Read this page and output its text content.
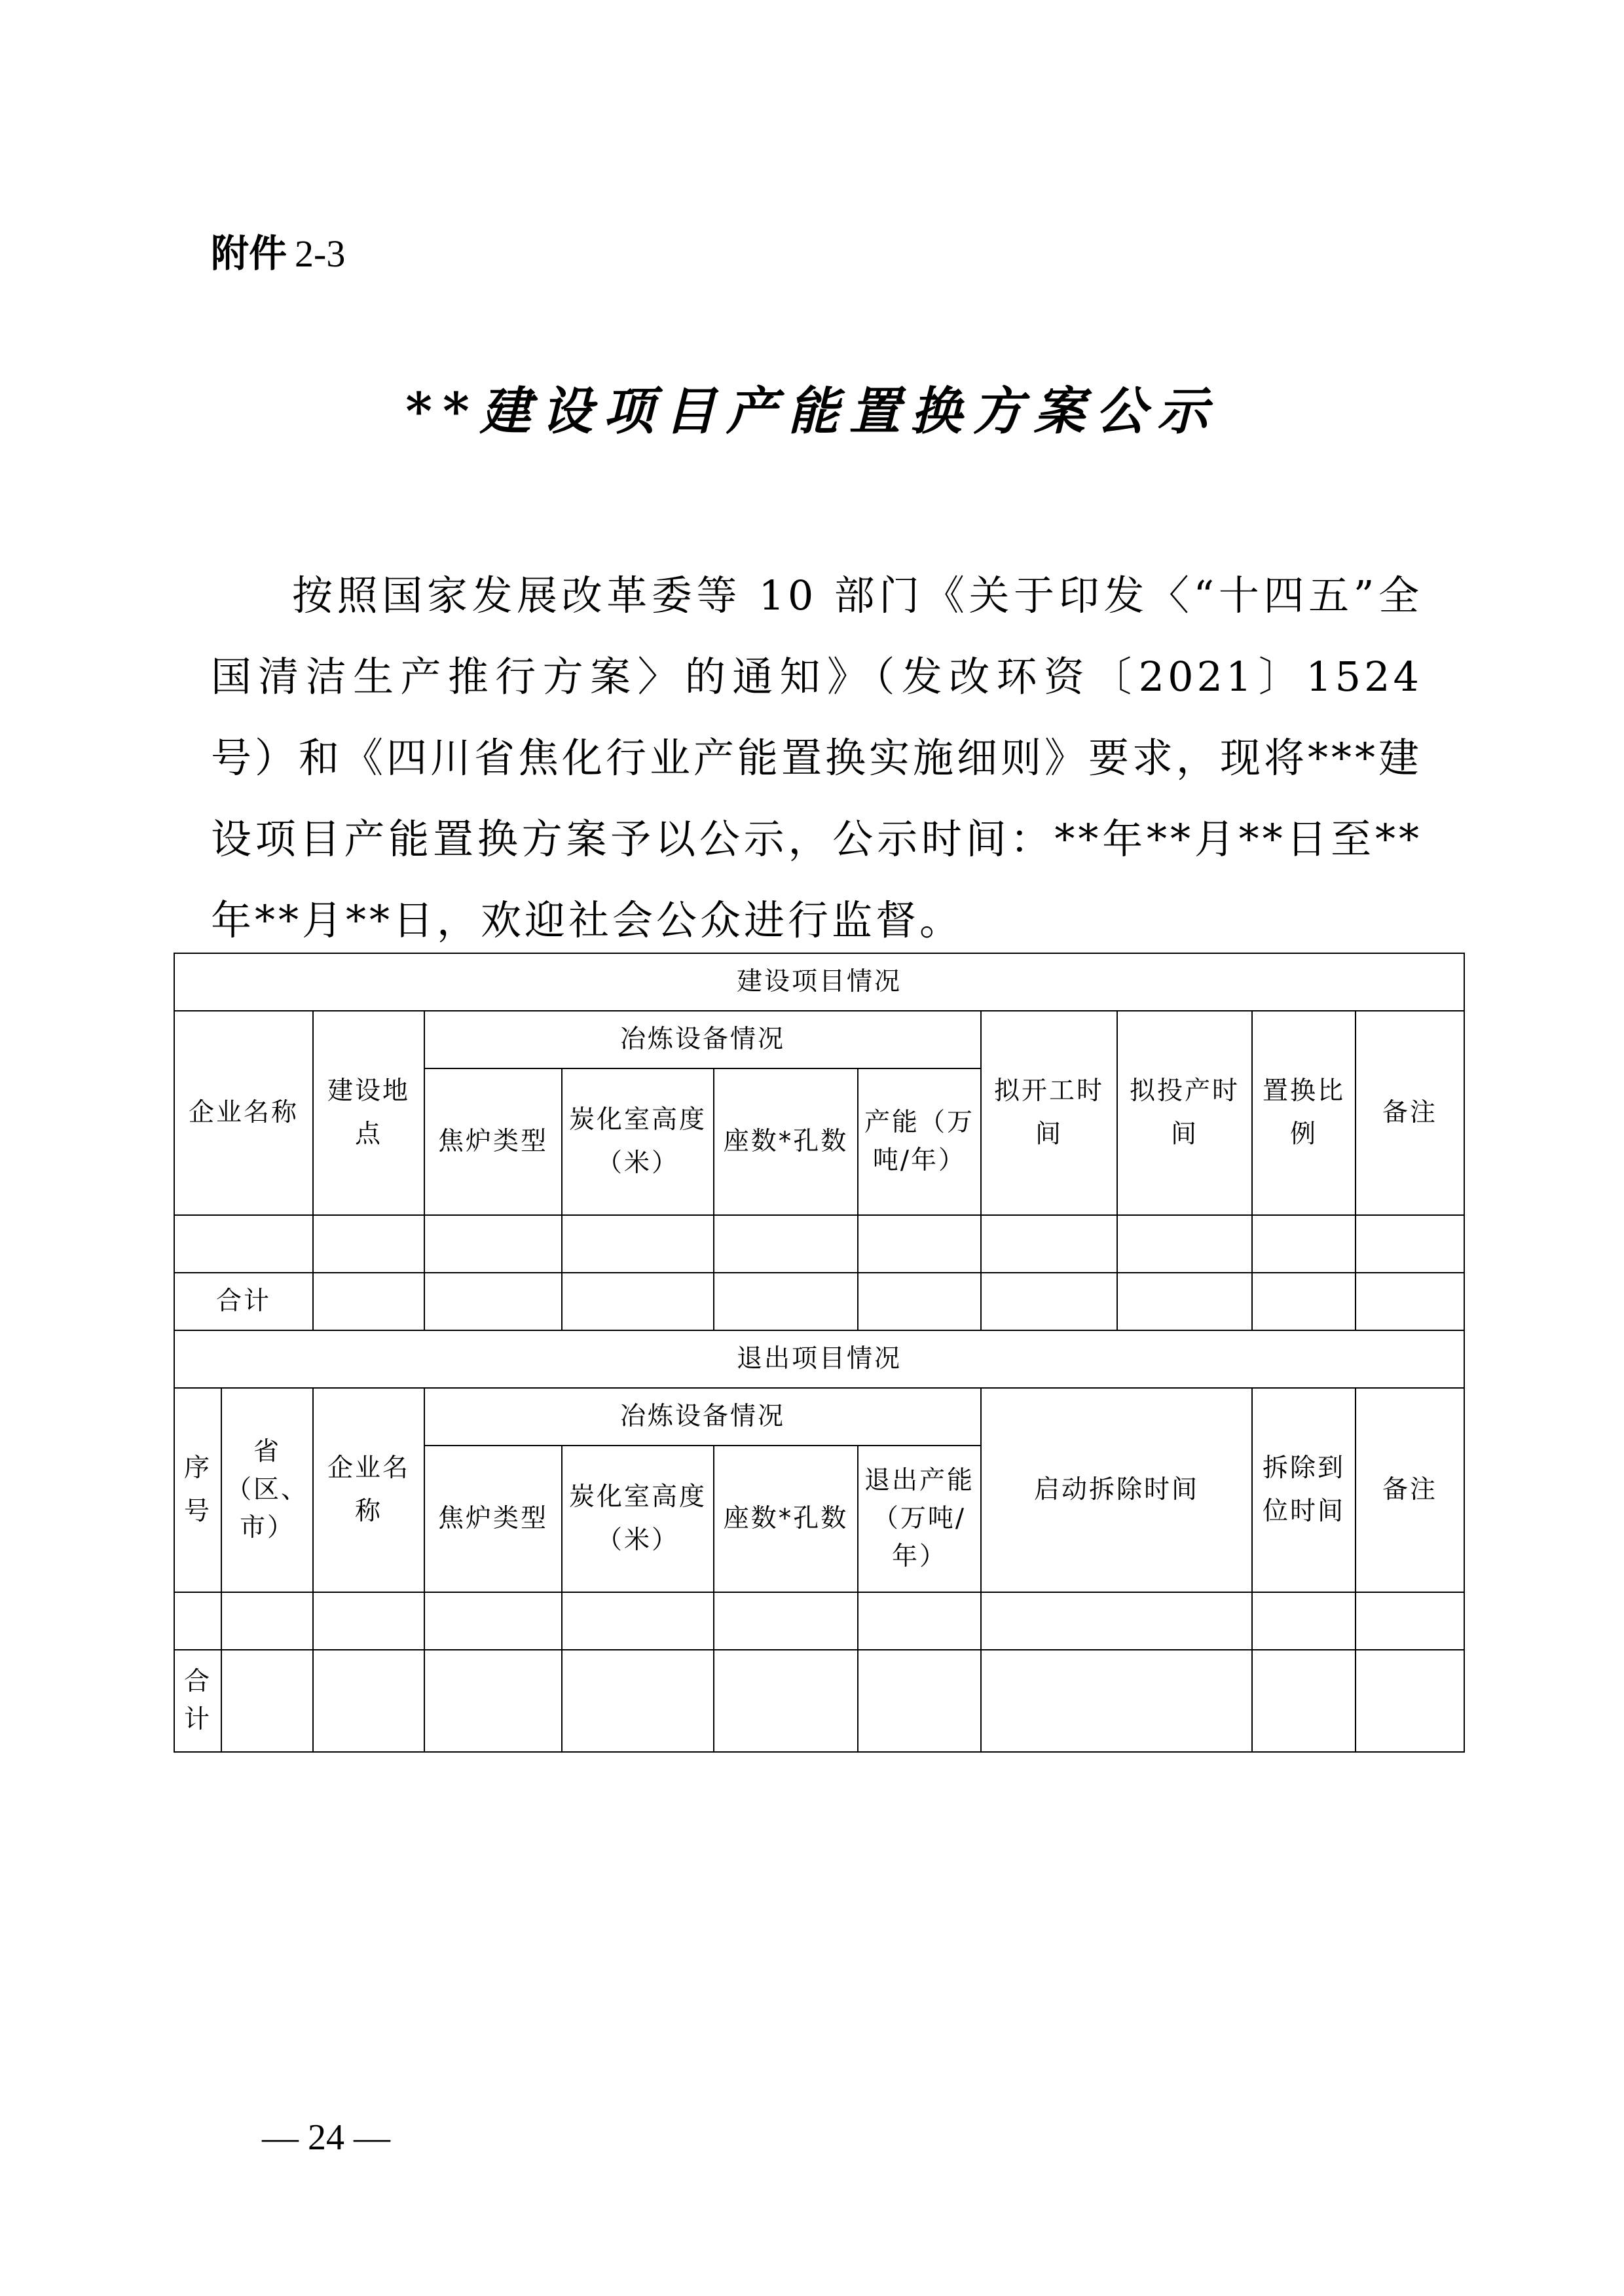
附件 2-3
**建设项目产能置换方案公示

按照国家发展改革委等 10 部门《关于印发〈“十四五”全国清洁生产推行方案〉的通知》（发改环资〔2021〕1524 号）和《四川省焦化行业产能置换实施细则》要求，现将***建设项目产能置换方案予以公示，公示时间：**年**月**日至**年**月**日，欢迎社会公众进行监督。

建设项目情况										
企业名称		建设地点	冶炼设备情况				拟开工时间	拟投产时间	置换比例	备注
			焦炉类型	炭化室高度（米）	座数*孔数	产能（万吨/年）				

合计										
退出项目情况										
序号	省（区、市）	企业名称	冶炼设备情况				启动拆除时间		拆除到位时间	备注
			焦炉类型	炭化室高度（米）	座数*孔数	退出产能（万吨/年）				

合计										
— 24 —
